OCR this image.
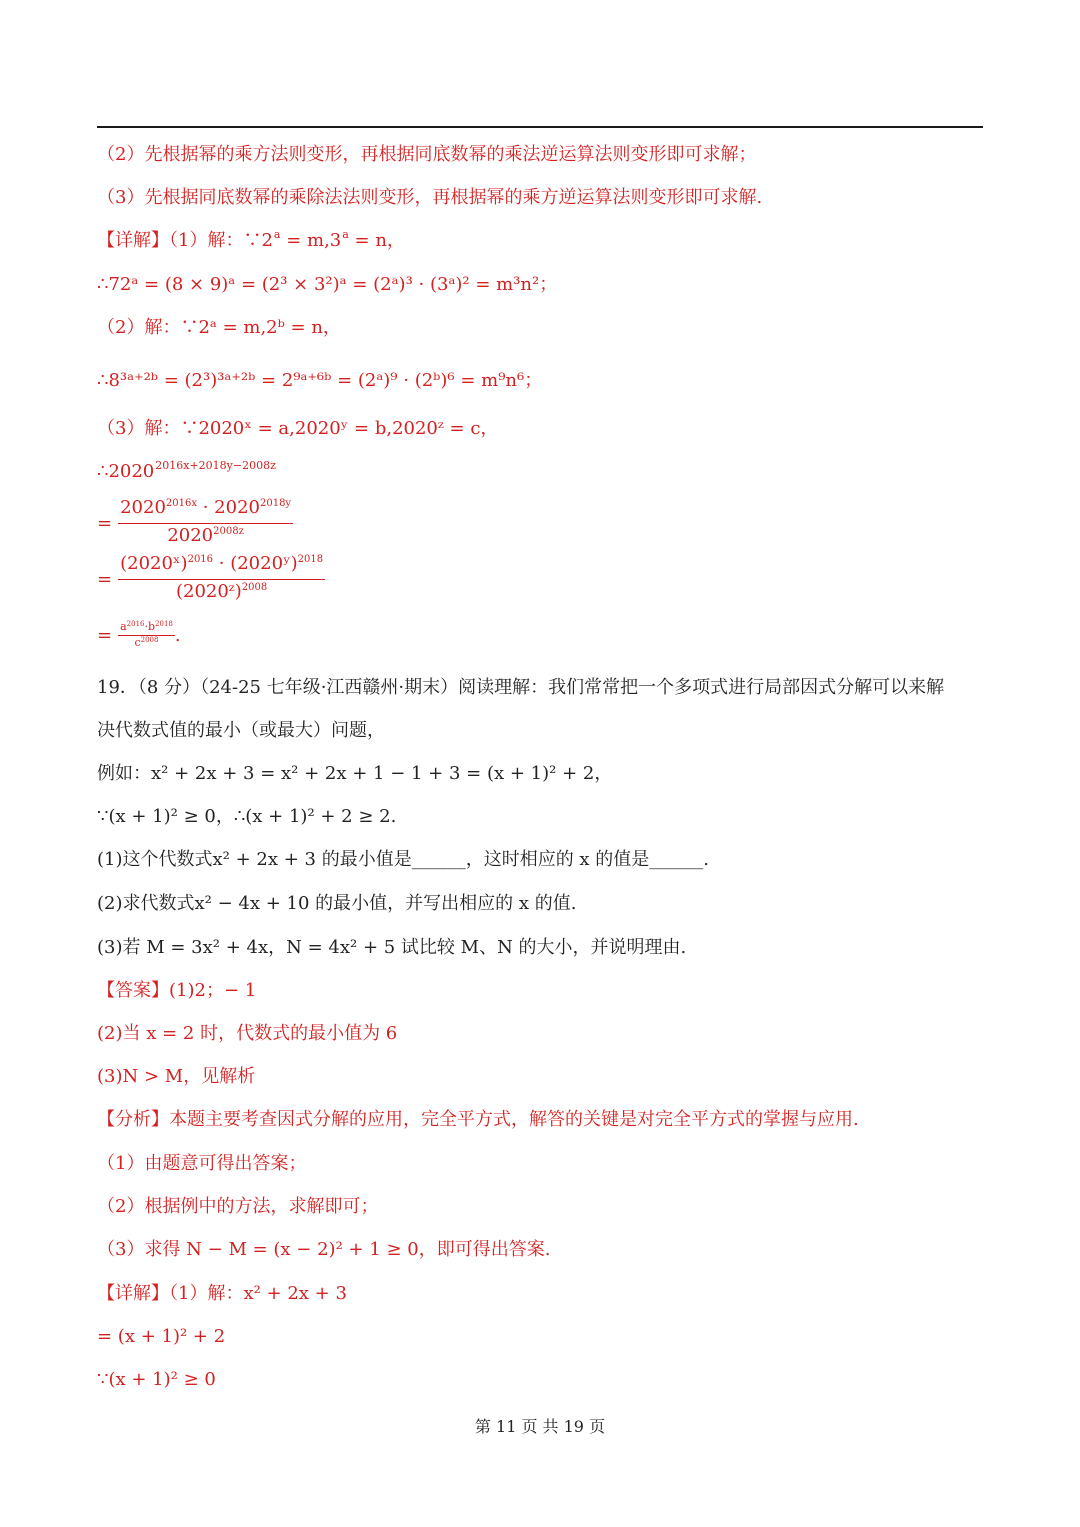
（2）先根据幂的乘方法则变形，再根据同底数幂的乘法逆运算法则变形即可求解；
（3）先根据同底数幂的乘除法法则变形，再根据幂的乘方逆运算法则变形即可求解.
【详解】（1）解：$\because 2^a = m,3^a = n$，
∴72ᵃ = (8 × 9)ᵃ = (2³ × 3²)ᵃ = (2ᵃ)³ · (3ᵃ)² = m³n²；
（2）解：∵2ᵃ = m,2ᵇ = n，
∴8³ᵃ⁺²ᵇ = (2³)³ᵃ⁺²ᵇ = 2⁹ᵃ⁺⁶ᵇ = (2ᵃ)⁹ · (2ᵇ)⁶ = m⁹n⁶；
（3）解：∵2020ˣ = a,2020ʸ = b,2020ᶻ = c，
$\therefore 2020^{2016x+2018y-2008z}$
= $\frac{2020^{2016x} \cdot 2020^{2018y}}{2020^{2008z}}$
= $\frac{(2020ˣ)^{2016} \cdot (2020ʸ)^{2018}}{(2020ᶻ)^{2008}}$
= $\frac{a^{2016}\cdot b^{2018}}{c^{2008}}$ .
19．（8 分）（24-25 七年级·江西赣州·期末）阅读理解：我们常常把一个多项式进行局部因式分解可以来解
决代数式值的最小（或最大）问题，
例如：x² + 2x + 3 = x² + 2x + 1 − 1 + 3 = (x + 1)² + 2，
∵(x + 1)² ≥ 0，∴(x + 1)² + 2 ≥ 2.
(1)这个代数式x² + 2x + 3 的最小值是______，这时相应的 x 的值是______.
(2)求代数式x² − 4x + 10 的最小值，并写出相应的 x 的值.
(3)若 M = 3x² + 4x，N = 4x² + 5 试比较 M、N 的大小，并说明理由.
【答案】(1)2；− 1
(2)当 x = 2 时，代数式的最小值为 6
(3)N > M，见解析
【分析】本题主要考查因式分解的应用，完全平方式，解答的关键是对完全平方式的掌握与应用.
（1）由题意可得出答案；
（2）根据例中的方法，求解即可；
（3）求得 N − M = (x − 2)² + 1 ≥ 0，即可得出答案.
【详解】（1）解：x² + 2x + 3
= (x + 1)² + 2
∵(x + 1)² ≥ 0
第 11 页 共 19 页
